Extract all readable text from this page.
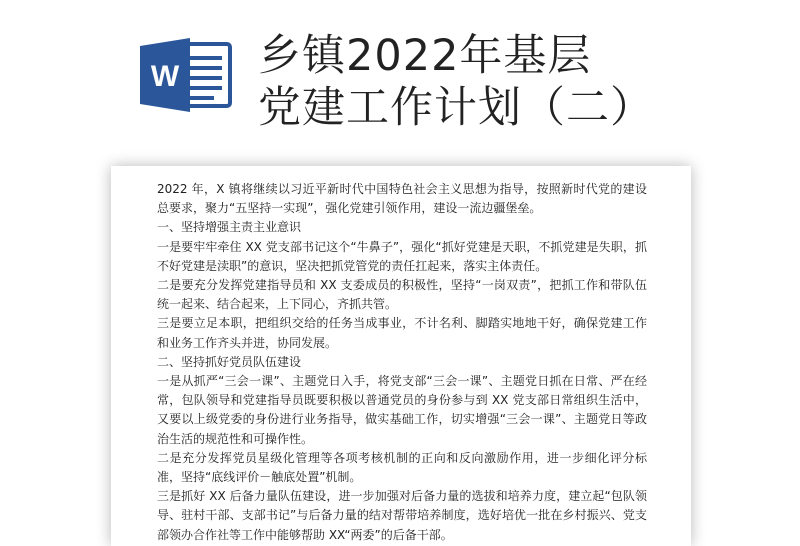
W 乡镇2022年基层
党建工作计划（二）

2022 年，X 镇将继续以习近平新时代中国特色社会主义思想为指导，按照新时代党的建设总要求，聚力“五坚持一实现”，强化党建引领作用，建设一流边疆堡垒。

一、坚持增强主责主业意识

一是要牢牢牵住 XX 党支部书记这个“牛鼻子”，强化“抓好党建是天职，不抓党建是失职，抓不好党建是渎职”的意识，坚决把抓党管党的责任扛起来，落实主体责任。

二是要充分发挥党建指导员和 XX 支委成员的积极性，坚持“一岗双责”，把抓工作和带队伍统一起来、结合起来，上下同心，齐抓共管。

三是要立足本职，把组织交给的任务当成事业，不计名利、脚踏实地地干好，确保党建工作和业务工作齐头并进，协同发展。

二、坚持抓好党员队伍建设

一是从抓严“三会一课”、主题党日入手，将党支部“三会一课”、主题党日抓在日常、严在经常，包队领导和党建指导员既要积极以普通党员的身份参与到 XX 党支部日常组织生活中，又要以上级党委的身份进行业务指导，做实基础工作，切实增强“三会一课”、主题党日等政治生活的规范性和可操作性。

二是充分发挥党员星级化管理等各项考核机制的正向和反向激励作用，进一步细化评分标准，坚持“底线评价－触底处置”机制。

三是抓好 XX 后备力量队伍建设，进一步加强对后备力量的选拔和培养力度，建立起“包队领导、驻村干部、支部书记”与后备力量的结对帮带培养制度，选好培优一批在乡村振兴、党支部领办合作社等工作中能够帮助 XX“两委”的后备干部。
